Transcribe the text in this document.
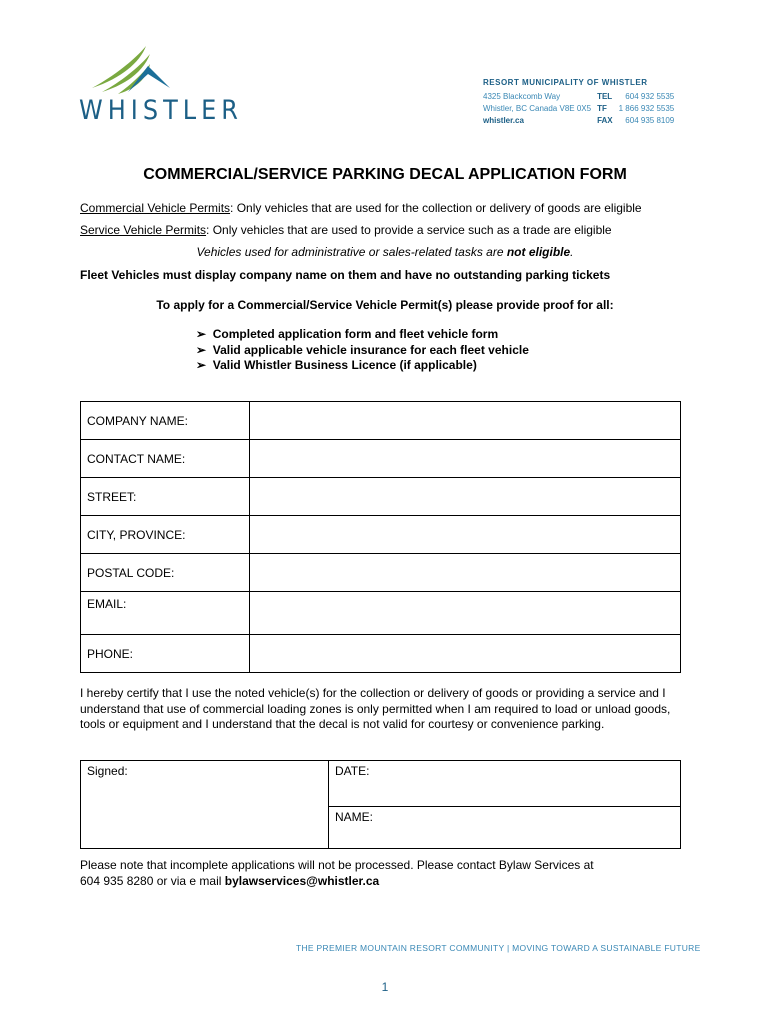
WHISTLER
RESORT MUNICIPALITY OF WHISTLER
4325 Blackcomb Way	TEL	604 932 5535
Whistler, BC Canada V8E 0X5	TF	1 866 932 5535
whistler.ca	FAX	604 935 8109
COMMERCIAL/SERVICE PARKING DECAL APPLICATION FORM
Commercial Vehicle Permits: Only vehicles that are used for the collection or delivery of goods are eligible
Service Vehicle Permits: Only vehicles that are used to provide a service such as a trade are eligible
Vehicles used for administrative or sales-related tasks are not eligible.
Fleet Vehicles must display company name on them and have no outstanding parking tickets
To apply for a Commercial/Service Vehicle Permit(s) please provide proof for all:
➢  Completed application form and fleet vehicle form
➢  Valid applicable vehicle insurance for each fleet vehicle
➢  Valid Whistler Business Licence (if applicable)
COMPANY NAME:	
CONTACT NAME:	
STREET:	
CITY, PROVINCE:	
POSTAL CODE:	
EMAIL:	
PHONE:	
I hereby certify that I use the noted vehicle(s) for the collection or delivery of goods or providing a service and I understand that use of commercial loading zones is only permitted when I am required to load or unload goods, tools or equipment and I understand that the decal is not valid for courtesy or convenience parking.
Signed:	DATE:
NAME:
Please note that incomplete applications will not be processed. Please contact Bylaw Services at
604 935 8280 or via e mail bylawservices@whistler.ca
THE PREMIER MOUNTAIN RESORT COMMUNITY | MOVING TOWARD A SUSTAINABLE FUTURE
1
